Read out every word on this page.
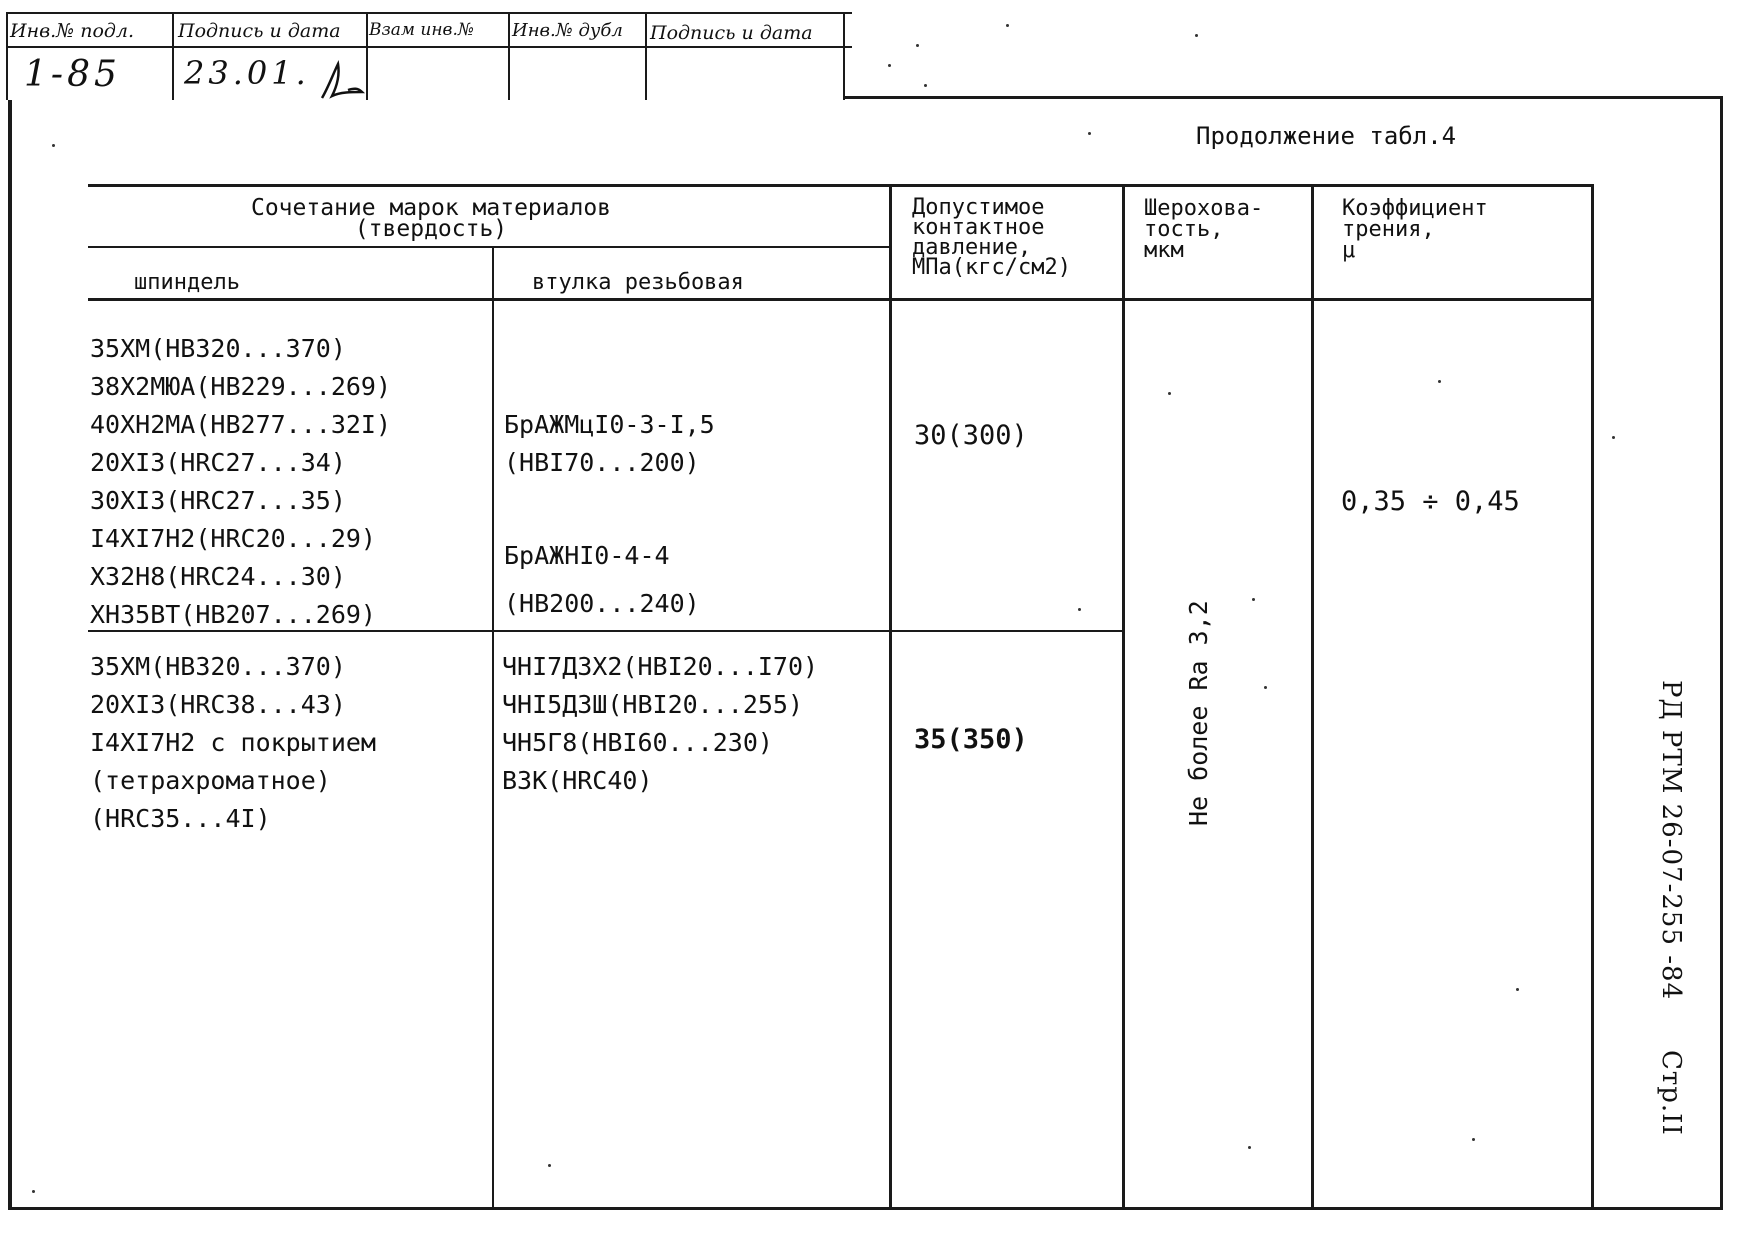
Инв.№ подл. Подпись и дата Взам инв.№ Инв.№ дубл Подпись и дата
1-85 23.01.
Продолжение табл.4
Сочетание марок материалов
(твердость)
шпиндель	втулка резьбовая
Допустимое
контактное
давление,
МПа(кгс/см2)
Шерохова-
тость,
мкм
Коэффициент
трения,
μ
35ХМ(НВ320...370)
38Х2МЮА(НВ229...269)
40ХН2МА(НВ277...32I)
20ХI3(НRC27...34)
30ХI3(НRC27...35)
I4ХI7Н2(НRC20...29)
Х32Н8(НRC24...30)
ХН35ВТ(НВ207...269)
БрАЖМцI0-3-I,5
(НВI70...200)
БрАЖНI0-4-4
(НВ200...240)
30(300)
35ХМ(НВ320...370)
20ХI3(НRC38...43)
I4ХI7Н2 с покрытием
(тетрахроматное)
(НRC35...4I)
ЧНI7Д3Х2(НВI20...I70)
ЧНI5Д3Ш(НВI20...255)
ЧН5Г8(НВI60...230)
ВЗК(НRC40)
35(350)	Не более Ra 3,2
0,35 ÷ 0,45
РД РТМ 26-07-255 -84
Стр.II
